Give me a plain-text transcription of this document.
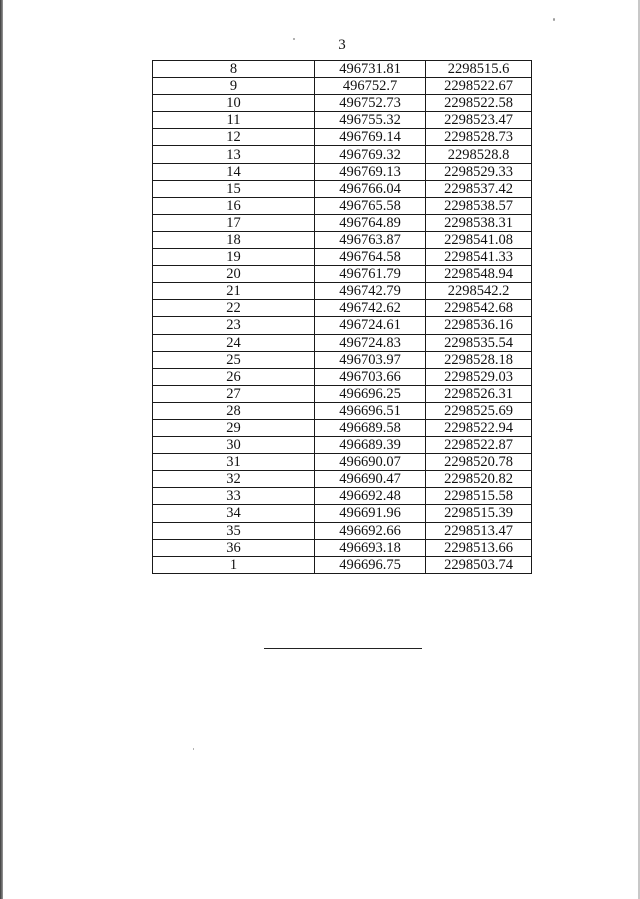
3
8	496731.81	2298515.6
9	496752.7	2298522.67
10	496752.73	2298522.58
11	496755.32	2298523.47
12	496769.14	2298528.73
13	496769.32	2298528.8
14	496769.13	2298529.33
15	496766.04	2298537.42
16	496765.58	2298538.57
17	496764.89	2298538.31
18	496763.87	2298541.08
19	496764.58	2298541.33
20	496761.79	2298548.94
21	496742.79	2298542.2
22	496742.62	2298542.68
23	496724.61	2298536.16
24	496724.83	2298535.54
25	496703.97	2298528.18
26	496703.66	2298529.03
27	496696.25	2298526.31
28	496696.51	2298525.69
29	496689.58	2298522.94
30	496689.39	2298522.87
31	496690.07	2298520.78
32	496690.47	2298520.82
33	496692.48	2298515.58
34	496691.96	2298515.39
35	496692.66	2298513.47
36	496693.18	2298513.66
1	496696.75	2298503.74
